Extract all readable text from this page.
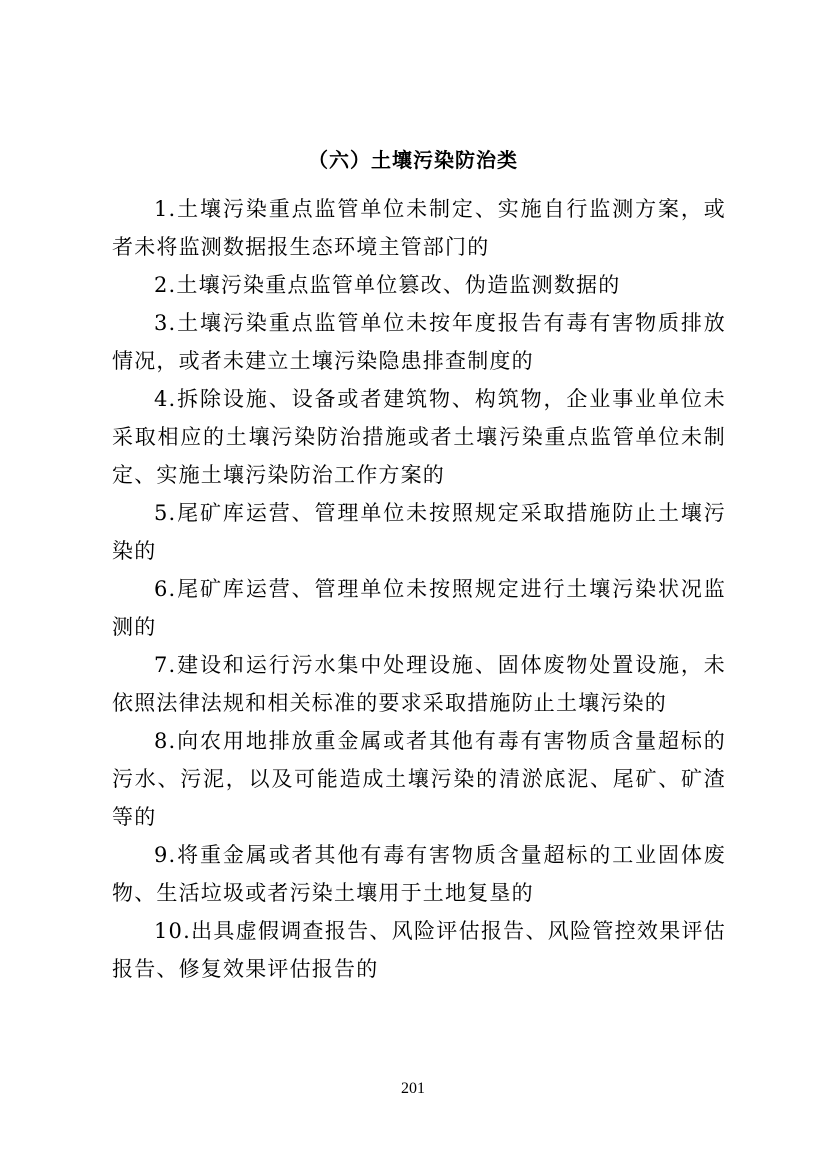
（六）土壤污染防治类

1.土壤污染重点监管单位未制定、实施自行监测方案，或者未将监测数据报生态环境主管部门的

2.土壤污染重点监管单位篡改、伪造监测数据的

3.土壤污染重点监管单位未按年度报告有毒有害物质排放情况，或者未建立土壤污染隐患排查制度的

4.拆除设施、设备或者建筑物、构筑物，企业事业单位未采取相应的土壤污染防治措施或者土壤污染重点监管单位未制定、实施土壤污染防治工作方案的

5.尾矿库运营、管理单位未按照规定采取措施防止土壤污染的

6.尾矿库运营、管理单位未按照规定进行土壤污染状况监测的

7.建设和运行污水集中处理设施、固体废物处置设施，未依照法律法规和相关标准的要求采取措施防止土壤污染的

8.向农用地排放重金属或者其他有毒有害物质含量超标的污水、污泥，以及可能造成土壤污染的清淤底泥、尾矿、矿渣等的

9.将重金属或者其他有毒有害物质含量超标的工业固体废物、生活垃圾或者污染土壤用于土地复垦的

10.出具虚假调查报告、风险评估报告、风险管控效果评估报告、修复效果评估报告的

201
